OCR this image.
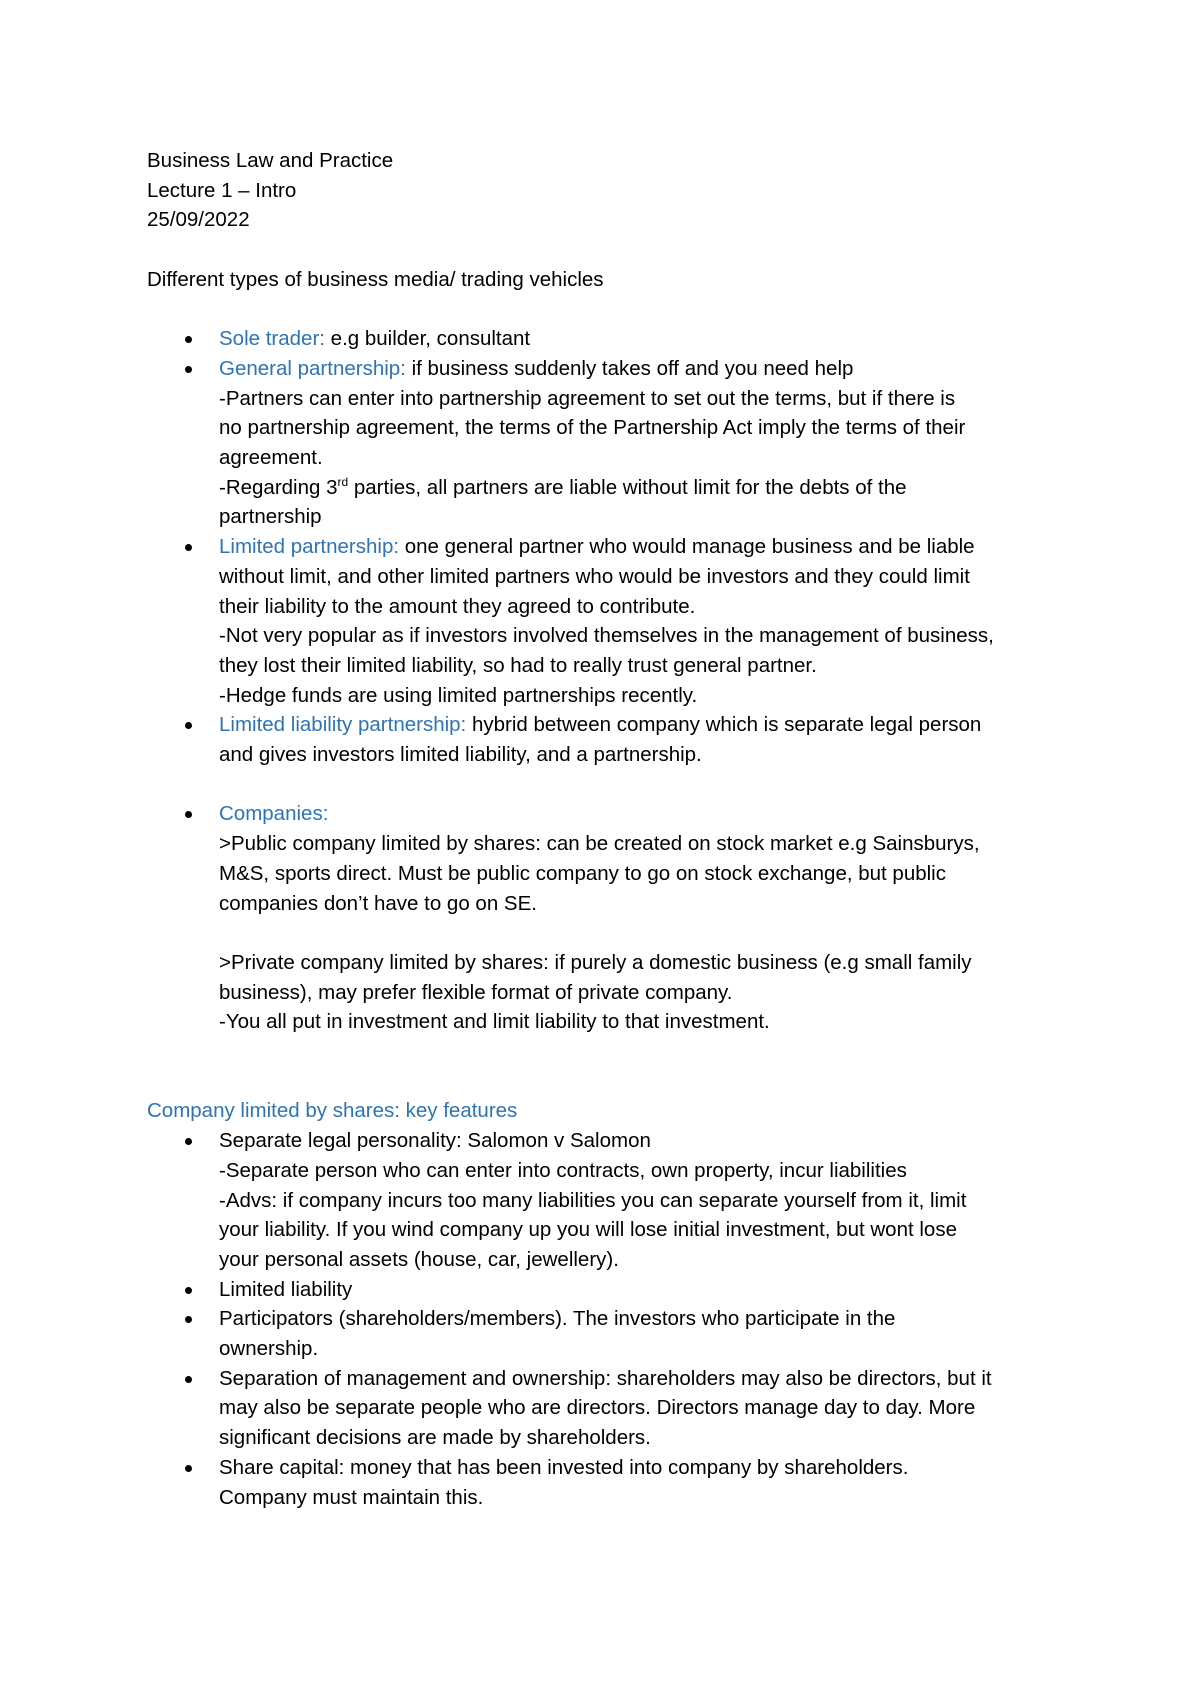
Business Law and Practice
Lecture 1 – Intro
25/09/2022
Different types of business media/ trading vehicles
Sole trader: e.g builder, consultant
General partnership: if business suddenly takes off and you need help
-Partners can enter into partnership agreement to set out the terms, but if there is
no partnership agreement, the terms of the Partnership Act imply the terms of their
agreement.
-Regarding 3rd parties, all partners are liable without limit for the debts of the
partnership
Limited partnership: one general partner who would manage business and be liable
without limit, and other limited partners who would be investors and they could limit
their liability to the amount they agreed to contribute.
-Not very popular as if investors involved themselves in the management of business,
they lost their limited liability, so had to really trust general partner.
-Hedge funds are using limited partnerships recently.
Limited liability partnership: hybrid between company which is separate legal person
and gives investors limited liability, and a partnership.
Companies:
>Public company limited by shares: can be created on stock market e.g Sainsburys,
M&S, sports direct. Must be public company to go on stock exchange, but public
companies don’t have to go on SE.
>Private company limited by shares: if purely a domestic business (e.g small family
business), may prefer flexible format of private company.
-You all put in investment and limit liability to that investment.
Company limited by shares: key features
Separate legal personality: Salomon v Salomon
-Separate person who can enter into contracts, own property, incur liabilities
-Advs: if company incurs too many liabilities you can separate yourself from it, limit
your liability. If you wind company up you will lose initial investment, but wont lose
your personal assets (house, car, jewellery).
Limited liability
Participators (shareholders/members). The investors who participate in the
ownership.
Separation of management and ownership: shareholders may also be directors, but it
may also be separate people who are directors. Directors manage day to day. More
significant decisions are made by shareholders.
Share capital: money that has been invested into company by shareholders.
Company must maintain this.
